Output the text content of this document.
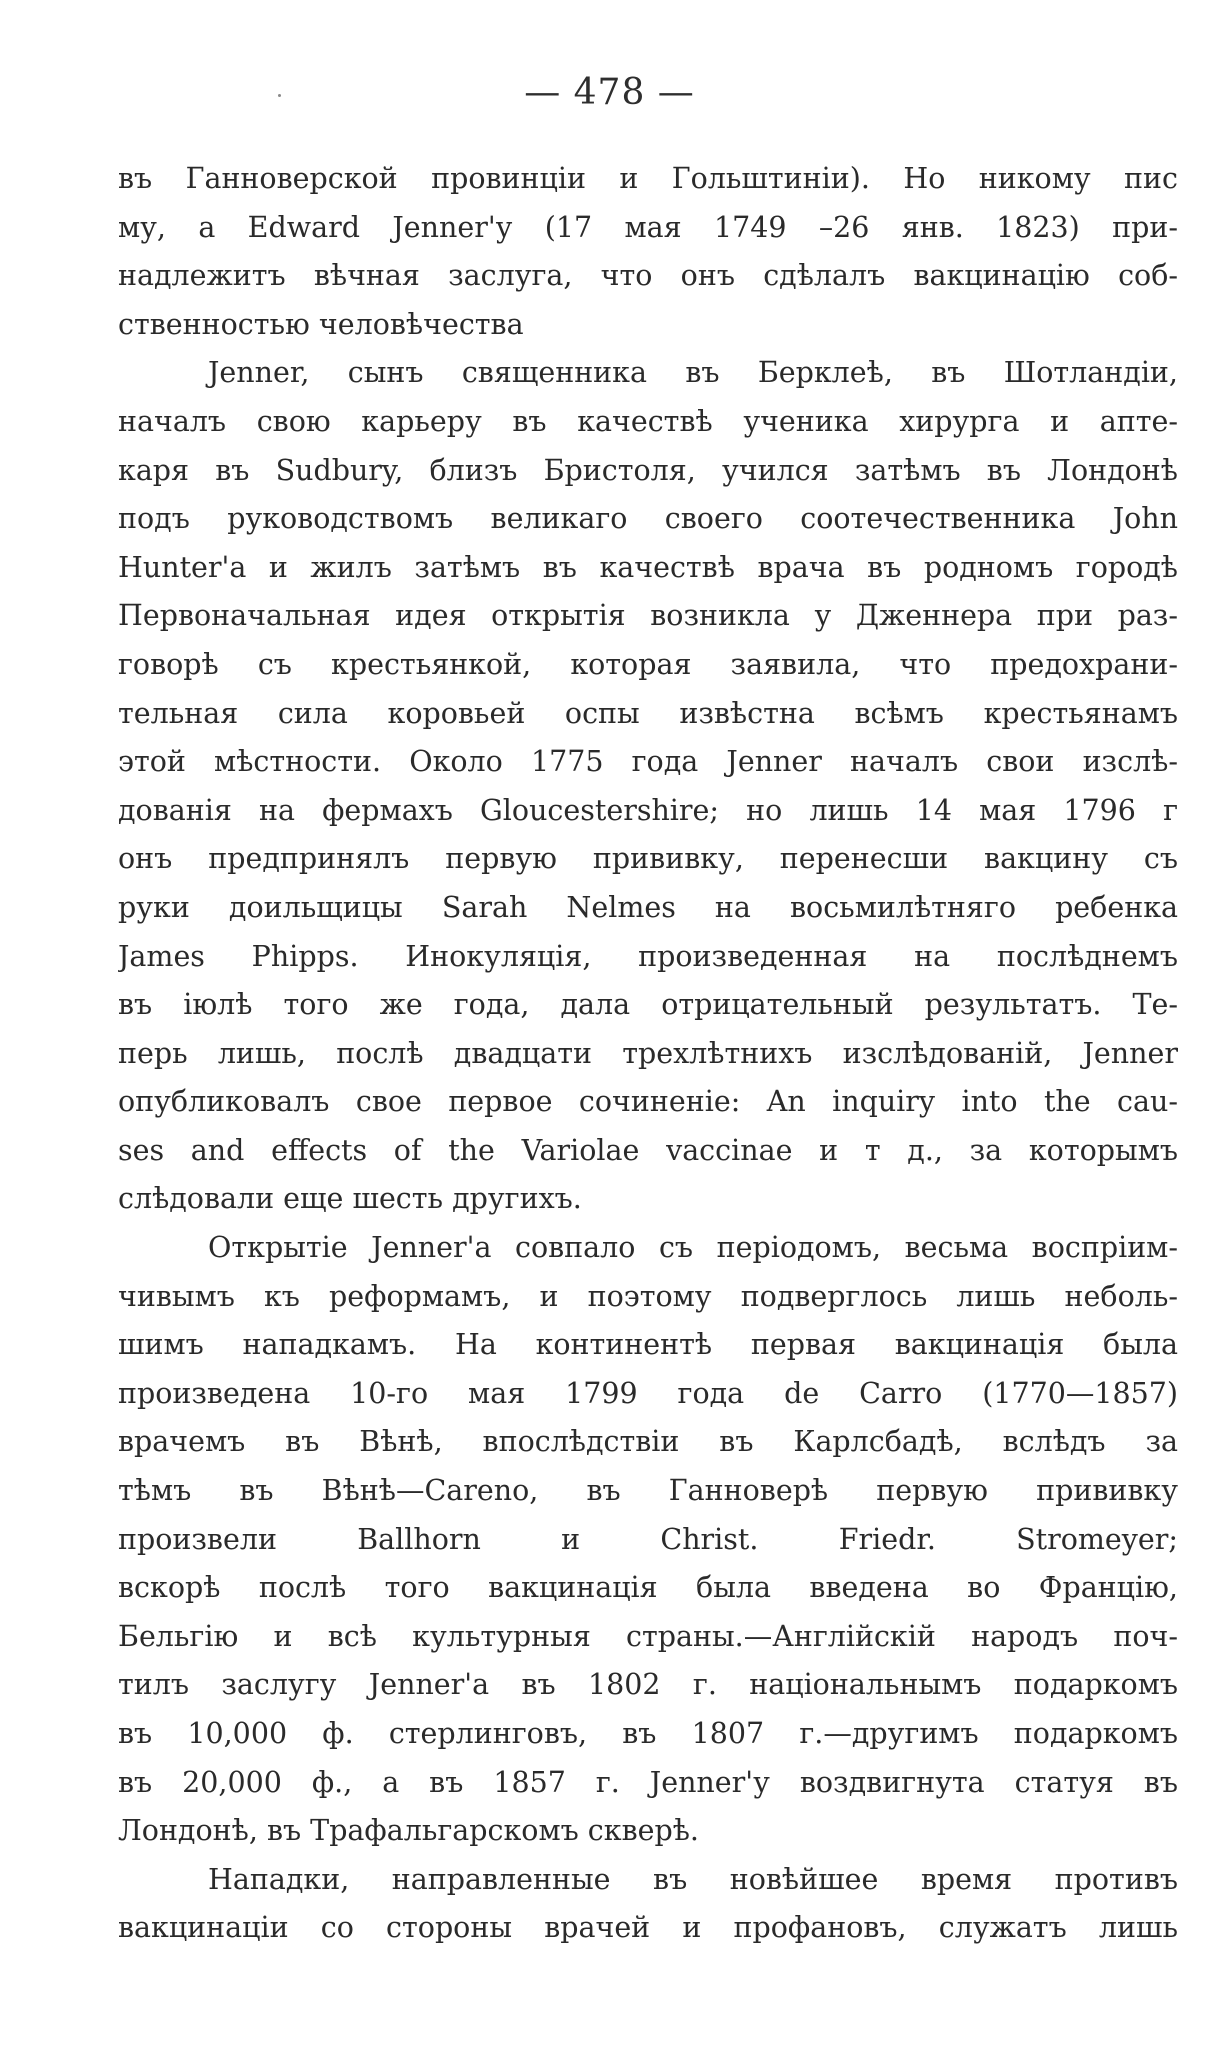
— 478 —
въ Ганноверской провинціи и Гольштиніи). Но никому пис
му, а Edward Jenner'у (17 мая 1749 –26 янв. 1823) при-
надлежитъ вѣчная заслуга, что онъ сдѣлалъ вакцинацію соб-
ственностью человѣчества
Jenner, сынъ священника въ Берклеѣ, въ Шотландіи,
началъ свою карьеру въ качествѣ ученика хирурга и апте-
каря въ Sudbury, близъ Бристоля, учился затѣмъ въ Лондонѣ
подъ руководствомъ великаго своего соотечественника John
Hunter'а и жилъ затѣмъ въ качествѣ врача въ родномъ городѣ
Первоначальная идея открытія возникла у Дженнера при раз-
говорѣ съ крестьянкой, которая заявила, что предохрани-
тельная сила коровьей оспы извѣстна всѣмъ крестьянамъ
этой мѣстности. Около 1775 года Jenner началъ свои изслѣ-
дованія на фермахъ Gloucestershire; но лишь 14 мая 1796 г
онъ предпринялъ первую прививку, перенесши вакцину съ
руки доильщицы Sarah Nelmes на восьмилѣтняго ребенка
James Phipps. Инокуляція, произведенная на послѣднемъ
въ іюлѣ того же года, дала отрицательный результатъ. Те-
перь лишь, послѣ двадцати трехлѣтнихъ изслѣдованій, Jenner
опубликовалъ свое первое сочиненіе: An inquiry into the cau-
ses and effects of the Variolae vaccinae и т д., за которымъ
слѣдовали еще шесть другихъ.
Открытіе Jenner'а совпало съ періодомъ, весьма воспріим-
чивымъ къ реформамъ, и поэтому подверглось лишь неболь-
шимъ нападкамъ. На континентѣ первая вакцинація была
произведена 10-го мая 1799 года de Carro (1770—1857)
врачемъ въ Вѣнѣ, впослѣдствіи въ Карлсбадѣ, вслѣдъ за
тѣмъ въ Вѣнѣ—Careno, въ Ганноверѣ первую прививку
произвели Ballhorn и Christ. Friedr. Stromeyer;
вскорѣ послѣ того вакцинація была введена во Францію,
Бельгію и всѣ культурныя страны.—Англійскій народъ поч-
тилъ заслугу Jenner'а въ 1802 г. національнымъ подаркомъ
въ 10,000 ф. стерлинговъ, въ 1807 г.—другимъ подаркомъ
въ 20,000 ф., а въ 1857 г. Jenner'у воздвигнута статуя въ
Лондонѣ, въ Трафальгарскомъ скверѣ.
Нападки, направленные въ новѣйшее время противъ
вакцинаціи со стороны врачей и профановъ, служатъ лишь
